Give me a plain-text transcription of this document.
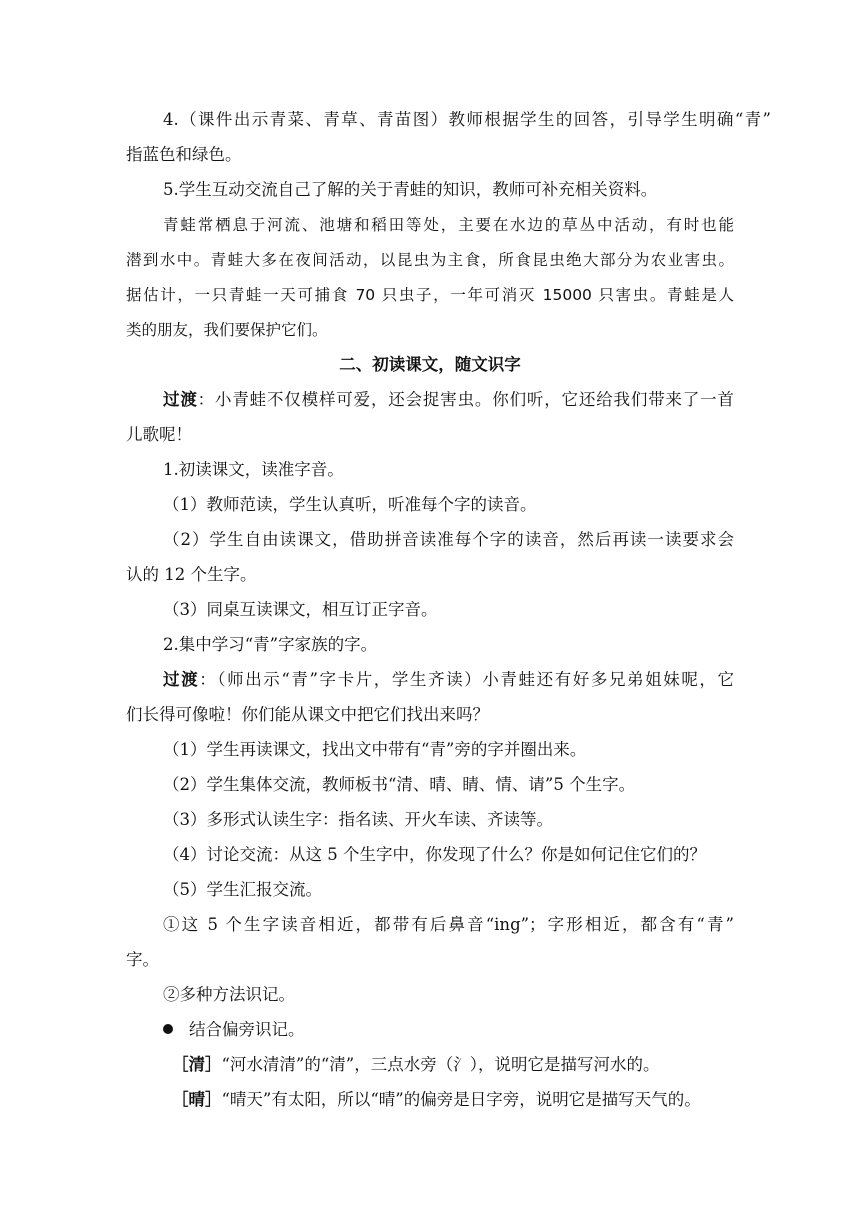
4.（课件出示青菜、青草、青苗图）教师根据学生的回答，引导学生明确“青”
指蓝色和绿色。
5.学生互动交流自己了解的关于青蛙的知识，教师可补充相关资料。
青蛙常栖息于河流、池塘和稻田等处，主要在水边的草丛中活动，有时也能
潜到水中。青蛙大多在夜间活动，以昆虫为主食，所食昆虫绝大部分为农业害虫。
据估计，一只青蛙一天可捕食 70 只虫子，一年可消灭 15000 只害虫。青蛙是人
类的朋友，我们要保护它们。
二、初读课文，随文识字
过渡：小青蛙不仅模样可爱，还会捉害虫。你们听，它还给我们带来了一首
儿歌呢！
1.初读课文，读准字音。
（1）教师范读，学生认真听，听准每个字的读音。
（2）学生自由读课文，借助拼音读准每个字的读音，然后再读一读要求会
认的 12 个生字。
（3）同桌互读课文，相互订正字音。
2.集中学习“青”字家族的字。
过渡：（师出示“青”字卡片，学生齐读）小青蛙还有好多兄弟姐妹呢，它
们长得可像啦！你们能从课文中把它们找出来吗？
（1）学生再读课文，找出文中带有“青”旁的字并圈出来。
（2）学生集体交流，教师板书“清、晴、睛、情、请”5 个生字。
（3）多形式认读生字：指名读、开火车读、齐读等。
（4）讨论交流：从这 5 个生字中，你发现了什么？你是如何记住它们的？
（5）学生汇报交流。
①这 5 个生字读音相近，都带有后鼻音“ing”；字形相近，都含有“青”
字。
②多种方法识记。
结合偏旁识记。
［清］“河水清清”的“清”，三点水旁（氵），说明它是描写河水的。
［晴］“晴天”有太阳，所以“晴”的偏旁是日字旁，说明它是描写天气的。
